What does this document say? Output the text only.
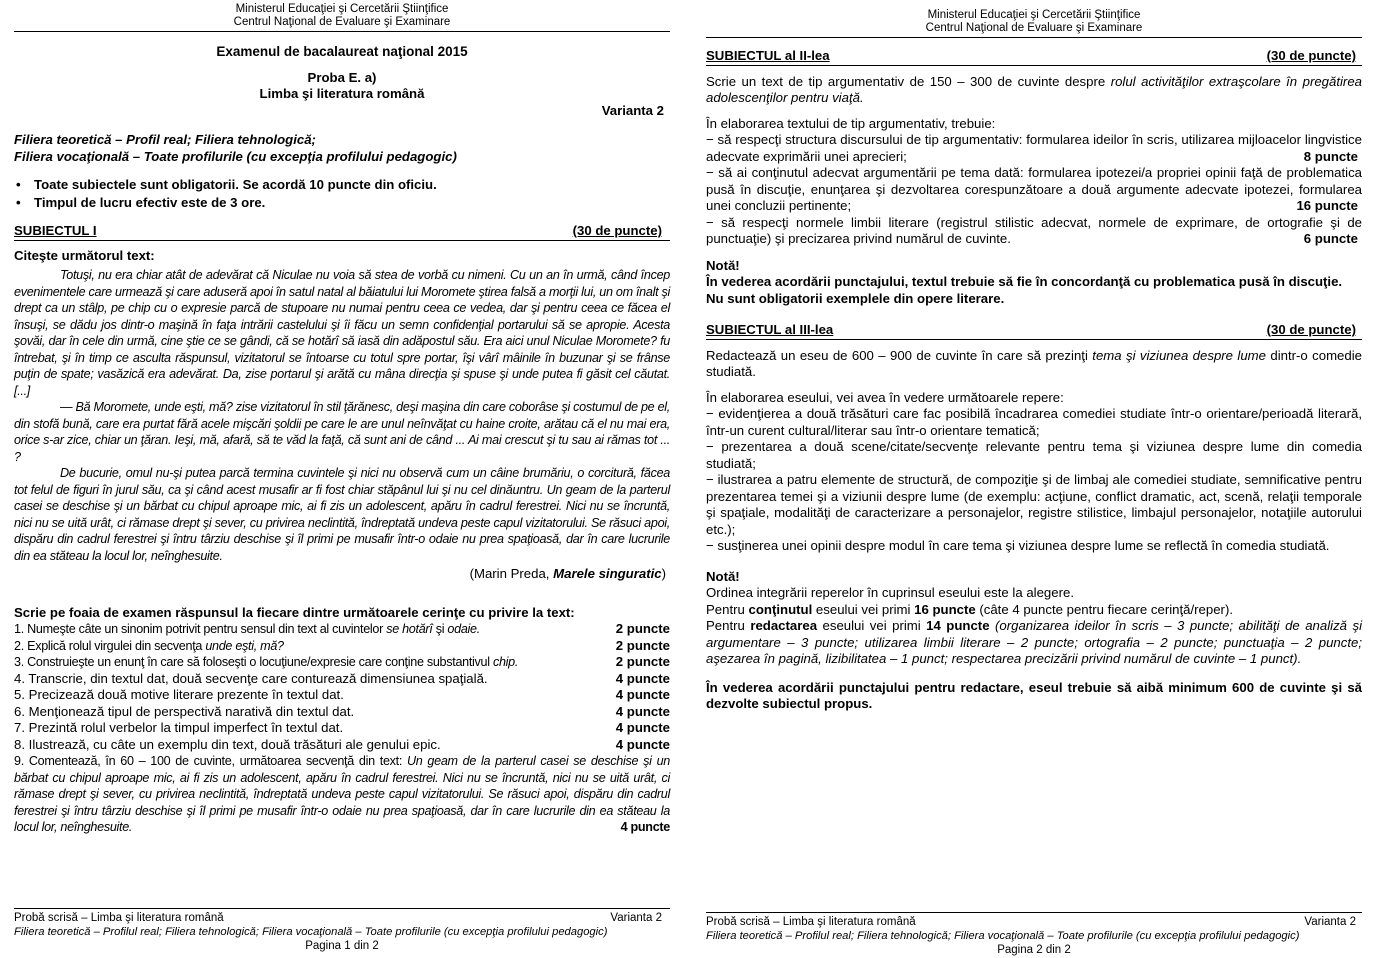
Ministerul Educaţiei şi Cercetării Ştiinţifice
Centrul Naţional de Evaluare şi Examinare
Examenul de bacalaureat naţional 2015
Proba E. a)
Limba şi literatura română
Varianta 2
Filiera teoretică – Profil real; Filiera tehnologică;
Filiera vocaţională – Toate profilurile (cu excepţia profilului pedagogic)
• Toate subiectele sunt obligatorii. Se acordă 10 puncte din oficiu.
• Timpul de lucru efectiv este de 3 ore.
SUBIECTUL I	(30 de puncte)
Citeşte următorul text:

Totuşi, nu era chiar atât de adevărat că Niculae nu voia să stea de vorbă cu nimeni. Cu un an în urmă, când încep evenimentele care urmează şi care aduseră apoi în satul natal al băiatului lui Moromete ştirea falsă a morţii lui, un om înalt şi drept ca un stâlp, pe chip cu o expresie parcă de stupoare nu numai pentru ceea ce vedea, dar şi pentru ceea ce făcea el însuşi, se dădu jos dintr-o maşină în faţa intrării castelului şi îi făcu un semn confidenţial portarului să se apropie. Acesta şovăi, dar în cele din urmă, cine ştie ce se gândi, că se hotărî să iasă din adăpostul său. Era aici unul Niculae Moromete? fu întrebat, şi în timp ce asculta răspunsul, vizitatorul se întoarse cu totul spre portar, îşi vârî mâinile în buzunar şi se frânse puţin de spate; vasăzică era adevărat. Da, zise portarul şi arătă cu mâna direcţia şi spuse şi unde putea fi găsit cel căutat. [...]

— Bă Moromete, unde eşti, mă? zise vizitatorul în stil ţărănesc, deşi maşina din care coborâse şi costumul de pe el, din stofă bună, care era purtat fără acele mişcări şoldii pe care le are unul neînvăţat cu haine croite, arătau că el nu mai era, orice s-ar zice, chiar un ţăran. Ieşi, mă, afară, să te văd la faţă, că sunt ani de când ... Ai mai crescut şi tu sau ai rămas tot ... ?

De bucurie, omul nu-şi putea parcă termina cuvintele şi nici nu observă cum un câine brumăriu, o corcitură, făcea tot felul de figuri în jurul său, ca şi când acest musafir ar fi fost chiar stăpânul lui şi nu cel dinăuntru. Un geam de la parterul casei se deschise şi un bărbat cu chipul aproape mic, ai fi zis un adolescent, apăru în cadrul ferestrei. Nici nu se încruntă, nici nu se uită urât, ci rămase drept şi sever, cu privirea neclintită, îndreptată undeva peste capul vizitatorului. Se răsuci apoi, dispăru din cadrul ferestrei şi întru târziu deschise şi îl primi pe musafir într-o odaie nu prea spaţioasă, dar în care lucrurile din ea stăteau la locul lor, neînghesuite.

(Marin Preda, Marele singuratic)
Scrie pe foaia de examen răspunsul la fiecare dintre următoarele cerinţe cu privire la text:
1. Numeşte câte un sinonim potrivit pentru sensul din text al cuvintelor se hotărî şi odaie.	2 puncte
2. Explică rolul virgulei din secvenţa unde eşti, mă?	2 puncte
3. Construieşte un enunţ în care să foloseşti o locuţiune/expresie care conţine substantivul chip.	2 puncte
4. Transcrie, din textul dat, două secvenţe care conturează dimensiunea spaţială.	4 puncte
5. Precizează două motive literare prezente în textul dat.	4 puncte
6. Menţionează tipul de perspectivă narativă din textul dat.	4 puncte
7. Prezintă rolul verbelor la timpul imperfect în textul dat.	4 puncte
8. Ilustrează, cu câte un exemplu din text, două trăsături ale genului epic.	4 puncte
9. Comentează, în 60 – 100 de cuvinte, următoarea secvenţă din text: Un geam de la parterul casei se deschise şi un bărbat cu chipul aproape mic, ai fi zis un adolescent, apăru în cadrul ferestrei. Nici nu se încruntă, nici nu se uită urât, ci rămase drept şi sever, cu privirea neclintită, îndreptată undeva peste capul vizitatorului. Se răsuci apoi, dispăru din cadrul ferestrei şi întru târziu deschise şi îl primi pe musafir într-o odaie nu prea spaţioasă, dar în care lucrurile din ea stăteau la locul lor, neînghesuite.	4 puncte
Probă scrisă – Limba şi literatura română	Varianta 2
Filiera teoretică – Profilul real; Filiera tehnologică; Filiera vocaţională – Toate profilurile (cu excepţia profilului pedagogic)
Pagina 1 din 2
Ministerul Educaţiei şi Cercetării Ştiinţifice
Centrul Naţional de Evaluare şi Examinare
SUBIECTUL al II-lea	(30 de puncte)
Scrie un text de tip argumentativ de 150 – 300 de cuvinte despre rolul activităţilor extraşcolare în pregătirea adolescenţilor pentru viaţă.
În elaborarea textului de tip argumentativ, trebuie:
− să respecţi structura discursului de tip argumentativ: formularea ideilor în scris, utilizarea mijloacelor lingvistice adecvate exprimării unei aprecieri;	8 puncte
− să ai conţinutul adecvat argumentării pe tema dată: formularea ipotezei/a propriei opinii faţă de problematica pusă în discuţie, enunţarea şi dezvoltarea corespunzătoare a două argumente adecvate ipotezei, formularea unei concluzii pertinente;	16 puncte
− să respecţi normele limbii literare (registrul stilistic adecvat, normele de exprimare, de ortografie şi de punctuaţie) şi precizarea privind numărul de cuvinte.	6 puncte
Notă!
În vederea acordării punctajului, textul trebuie să fie în concordanţă cu problematica pusă în discuţie.
Nu sunt obligatorii exemplele din opere literare.
SUBIECTUL al III-lea	(30 de puncte)
Redactează un eseu de 600 – 900 de cuvinte în care să prezinţi tema şi viziunea despre lume dintr-o comedie studiată.
În elaborarea eseului, vei avea în vedere următoarele repere:

− evidenţierea a două trăsături care fac posibilă încadrarea comediei studiate într-o orientare/perioadă literară, într-un curent cultural/literar sau într-o orientare tematică;

− prezentarea a două scene/citate/secvenţe relevante pentru tema şi viziunea despre lume din comedia studiată;

− ilustrarea a patru elemente de structură, de compoziţie şi de limbaj ale comediei studiate, semnificative pentru prezentarea temei şi a viziunii despre lume (de exemplu: acţiune, conflict dramatic, act, scenă, relaţii temporale şi spaţiale, modalităţi de caracterizare a personajelor, registre stilistice, limbajul personajelor, notaţiile autorului etc.);

− susţinerea unei opinii despre modul în care tema şi viziunea despre lume se reflectă în comedia studiată.

Notă!
Ordinea integrării reperelor în cuprinsul eseului este la alegere.
Pentru conţinutul eseului vei primi 16 puncte (câte 4 puncte pentru fiecare cerinţă/reper).
Pentru redactarea eseului vei primi 14 puncte (organizarea ideilor în scris – 3 puncte; abilităţi de analiză şi argumentare – 3 puncte; utilizarea limbii literare – 2 puncte; ortografia – 2 puncte; punctuaţia – 2 puncte; aşezarea în pagină, lizibilitatea – 1 punct; respectarea precizării privind numărul de cuvinte – 1 punct).
În vederea acordării punctajului pentru redactare, eseul trebuie să aibă minimum 600 de cuvinte şi să dezvolte subiectul propus.
Probă scrisă – Limba şi literatura română	Varianta 2
Filiera teoretică – Profilul real; Filiera tehnologică; Filiera vocaţională – Toate profilurile (cu excepţia profilului pedagogic)
Pagina 2 din 2
